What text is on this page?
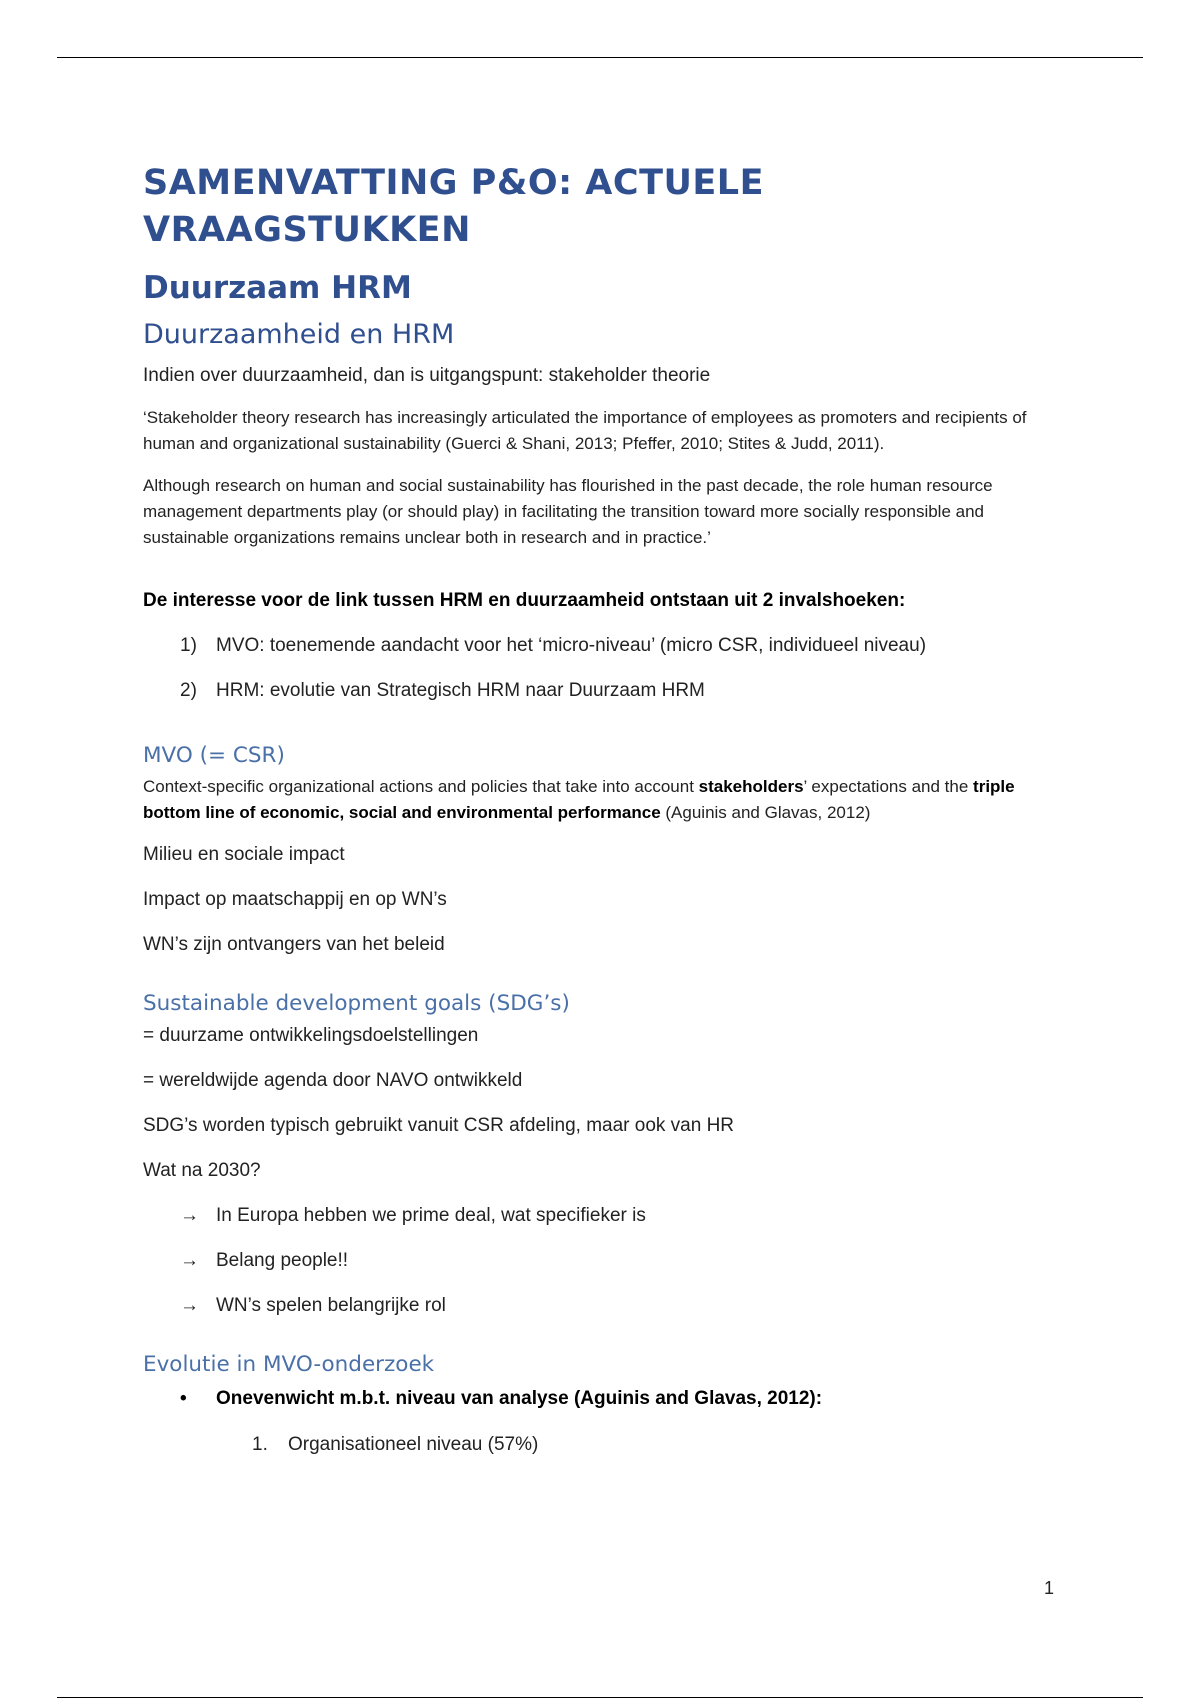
SAMENVATTING P&O: ACTUELE VRAAGSTUKKEN
Duurzaam HRM
Duurzaamheid en HRM

Indien over duurzaamheid, dan is uitgangspunt: stakeholder theorie

‘Stakeholder theory research has increasingly articulated the importance of employees as promoters and recipients of human and organizational sustainability (Guerci & Shani, 2013; Pfeffer, 2010; Stites & Judd, 2011).

Although research on human and social sustainability has flourished in the past decade, the role human resource management departments play (or should play) in facilitating the transition toward more socially responsible and sustainable organizations remains unclear both in research and in practice.’

De interesse voor de link tussen HRM en duurzaamheid ontstaan uit 2 invalshoeken:

1) MVO: toenemende aandacht voor het ‘micro-niveau’ (micro CSR, individueel niveau)
2) HRM: evolutie van Strategisch HRM naar Duurzaam HRM
MVO (= CSR)

Context-specific organizational actions and policies that take into account stakeholders’ expectations and the triple bottom line of economic, social and environmental performance (Aguinis and Glavas, 2012)

Milieu en sociale impact

Impact op maatschappij en op WN’s

WN’s zijn ontvangers van het beleid

Sustainable development goals (SDG’s)

= duurzame ontwikkelingsdoelstellingen

= wereldwijde agenda door NAVO ontwikkeld

SDG’s worden typisch gebruikt vanuit CSR afdeling, maar ook van HR

Wat na 2030?

→ In Europa hebben we prime deal, wat specifieker is
→ Belang people!!
→ WN’s spelen belangrijke rol
Evolutie in MVO-onderzoek
• Onevenwicht m.b.t. niveau van analyse (Aguinis and Glavas, 2012):
1. Organisationeel niveau (57%)
1
